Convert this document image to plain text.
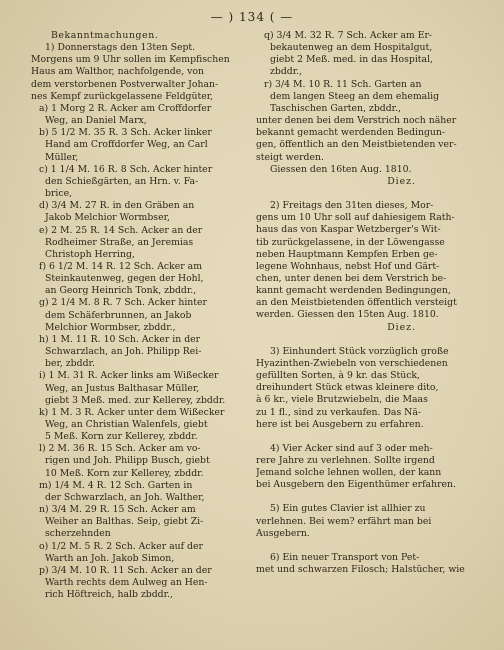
— ) 134 ( —
Bekanntmachungen.
1) Donnerstags den 13ten Sept.
Morgens um 9 Uhr sollen im Kempfischen
Haus am Walthor, nachfolgende, von
dem verstorbenen Postverwalter Johan-
nes Kempf zurückgelassene Feldgüter,
a) 1 Morg 2 R. Acker am Croffdorfer
Weg, an Daniel Marx,
b) 5 1/2 M. 35 R. 3 Sch. Acker linker
Hand am Croffdorfer Weg, an Carl
Müller,
c) 1 1/4 M. 16 R. 8 Sch. Acker hinter
den Schießgärten, an Hrn. v. Fa-
brice,
d) 3/4 M. 27 R. in den Gräben an
Jakob Melchior Wormbser,
e) 2 M. 25 R. 14 Sch. Acker an der
Rodheimer Straße, an Jeremias
Christoph Herring,
f) 6 1/2 M. 14 R. 12 Sch. Acker am
Steinkautenweg, gegen der Hohl,
an Georg Heinrich Tonk, zbddr.,
g) 2 1/4 M. 8 R. 7 Sch. Acker hinter
dem Schäferbrunnen, an Jakob
Melchior Wormbser, zbddr.,
h) 1 M. 11 R. 10 Sch. Acker in der
Schwarzlach, an Joh. Philipp Rei-
ber, zbddr.
i) 1 M. 31 R. Acker links am Wißecker
Weg, an Justus Balthasar Müller,
giebt 3 Meß. med. zur Kellerey, zbddr.
k) 1 M. 3 R. Acker unter dem Wißecker
Weg, an Christian Walenfels, giebt
5 Meß. Korn zur Kellerey, zbddr.
l) 2 M. 36 R. 15 Sch. Acker am vo-
rigen und Joh. Philipp Busch, giebt
10 Meß. Korn zur Kellerey, zbddr.
m) 1/4 M. 4 R. 12 Sch. Garten in
der Schwarzlach, an Joh. Walther,
n) 3/4 M. 29 R. 15 Sch. Acker am
Weiher an Balthas. Seip, giebt Zi-
scherzehnden
o) 1/2 M. 5 R. 2 Sch. Acker auf der
Warth an Joh. Jakob Simon,
p) 3/4 M. 10 R. 11 Sch. Acker an der
Warth rechts dem Aulweg an Hen-
rich Höftreich, halb zbddr.,
q) 3/4 M. 32 R. 7 Sch. Acker am Er-
bekautenweg an dem Hospitalgut,
giebt 2 Meß. med. in das Hospital,
zbddr.,
r) 3/4 M. 10 R. 11 Sch. Garten an
dem langen Steeg an dem ehemalig
Taschischen Garten, zbddr.,
unter denen bei dem Verstrich noch näher
bekannt gemacht werdenden Bedingun-
gen, öffentlich an den Meistbietenden ver-
steigt werden.
Giessen den 16ten Aug. 1810.
Diez.
2) Freitags den 31ten dieses, Mor-
gens um 10 Uhr soll auf dahiesigem Rath-
haus das von Kaspar Wetzberger's Wit-
tib zurückgelassene, in der Löwengasse
neben Hauptmann Kempfen Erben ge-
legene Wohnhaus, nebst Hof und Gärt-
chen, unter denen bei dem Verstrich be-
kannt gemacht werdenden Bedingungen,
an den Meistbietenden öffentlich versteigt
werden. Giessen den 15ten Aug. 1810.
Diez.
3) Einhundert Stück vorzüglich große
Hyazinthen-Zwiebeln von verschiedenen
gefüllten Sorten, à 9 kr. das Stück,
dreihundert Stück etwas kleinere dito,
à 6 kr., viele Brutzwiebeln, die Maas
zu 1 fl., sind zu verkaufen. Das Nä-
here ist bei Ausgebern zu erfahren.
4) Vier Acker sind auf 3 oder meh-
rere Jahre zu verlehnen. Sollte irgend
Jemand solche lehnen wollen, der kann
bei Ausgebern den Eigenthümer erfahren.
5) Ein gutes Clavier ist allhier zu
verlehnen. Bei wem? erfährt man bei
Ausgebern.
6) Ein neuer Transport von Pet-
met und schwarzen Filosch; Halstücher, wie
